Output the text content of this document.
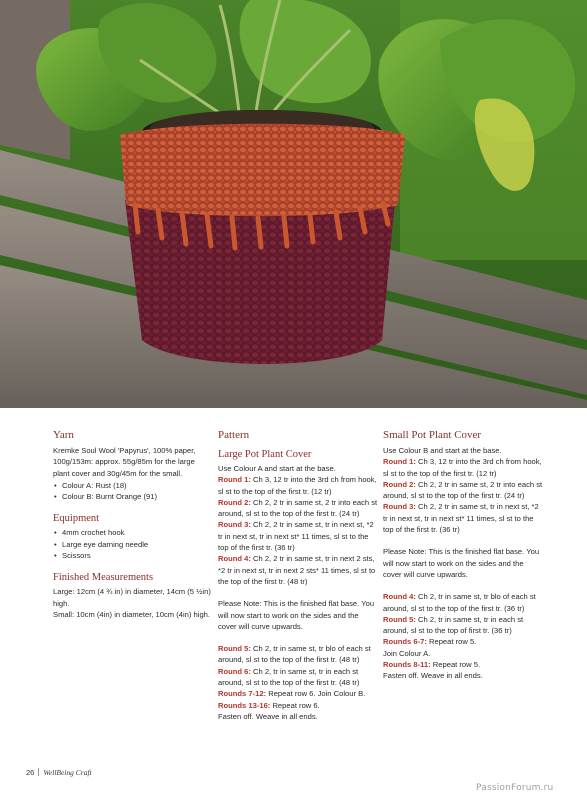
Yarn

Kremke Soul Wool 'Papyrus', 100% paper, 100g/153m: approx. 55g/85m for the large plant cover and 30g/45m for the small.

• Colour A: Rust (18)
• Colour B: Burnt Orange (91)
Equipment
• 4mm crochet hook
• Large eye darning needle
• Scissors
Finished Measurements

Large: 12cm (4 ¾ in) in diameter, 14cm (5 ½in) high.

Small: 10cm (4in) in diameter, 10cm (4in) high.

Pattern
Large Pot Plant Cover

Use Colour A and start at the base.

Round 1: Ch 3, 12 tr into the 3rd ch from hook, sl st to the top of the first tr. (12 tr)

Round 2: Ch 2, 2 tr in same st, 2 tr into each st around, sl st to the top of the first tr. (24 tr)

Round 3: Ch 2, 2 tr in same st, tr in next st, *2 tr in next st, tr in next st* 11 times, sl st to the top of the first tr. (36 tr)

Round 4: Ch 2, 2 tr in same st, tr in next 2 sts, *2 tr in next st, tr in next 2 sts* 11 times, sl st to the top of the first tr. (48 tr)

Please Note: This is the finished flat base. You will now start to work on the sides and the cover will curve upwards.

Round 5: Ch 2, tr in same st, tr blo of each st around, sl st to the top of the first tr. (48 tr)

Round 6: Ch 2, tr in same st, tr in each st around, sl st to the top of the first tr. (48 tr)

Rounds 7-12: Repeat row 6. Join Colour B.

Rounds 13-16: Repeat row 6.

Fasten off. Weave in all ends.

Small Pot Plant Cover

Use Colour B and start at the base.

Round 1: Ch 3, 12 tr into the 3rd ch from hook, sl st to the top of the first tr. (12 tr)

Round 2: Ch 2, 2 tr in same st, 2 tr into each st around, sl st to the top of the first tr. (24 tr)

Round 3: Ch 2, 2 tr in same st, tr in next st, *2 tr in next st, tr in next st* 11 times, sl st to the top of the first tr. (36 tr)

Please Note: This is the finished flat base. You will now start to work on the sides and the cover will curve upwards.

Round 4: Ch 2, tr in same st, tr blo of each st around, sl st to the top of the first tr. (36 tr)

Round 5: Ch 2, tr in same st, tr in each st around, sl st to the top of first tr. (36 tr)

Rounds 6-7: Repeat row 5.

Join Colour A.

Rounds 8-11: Repeat row 5.

Fasten off. Weave in all ends.

26 WellBeing Craft
PassionForum.ru
